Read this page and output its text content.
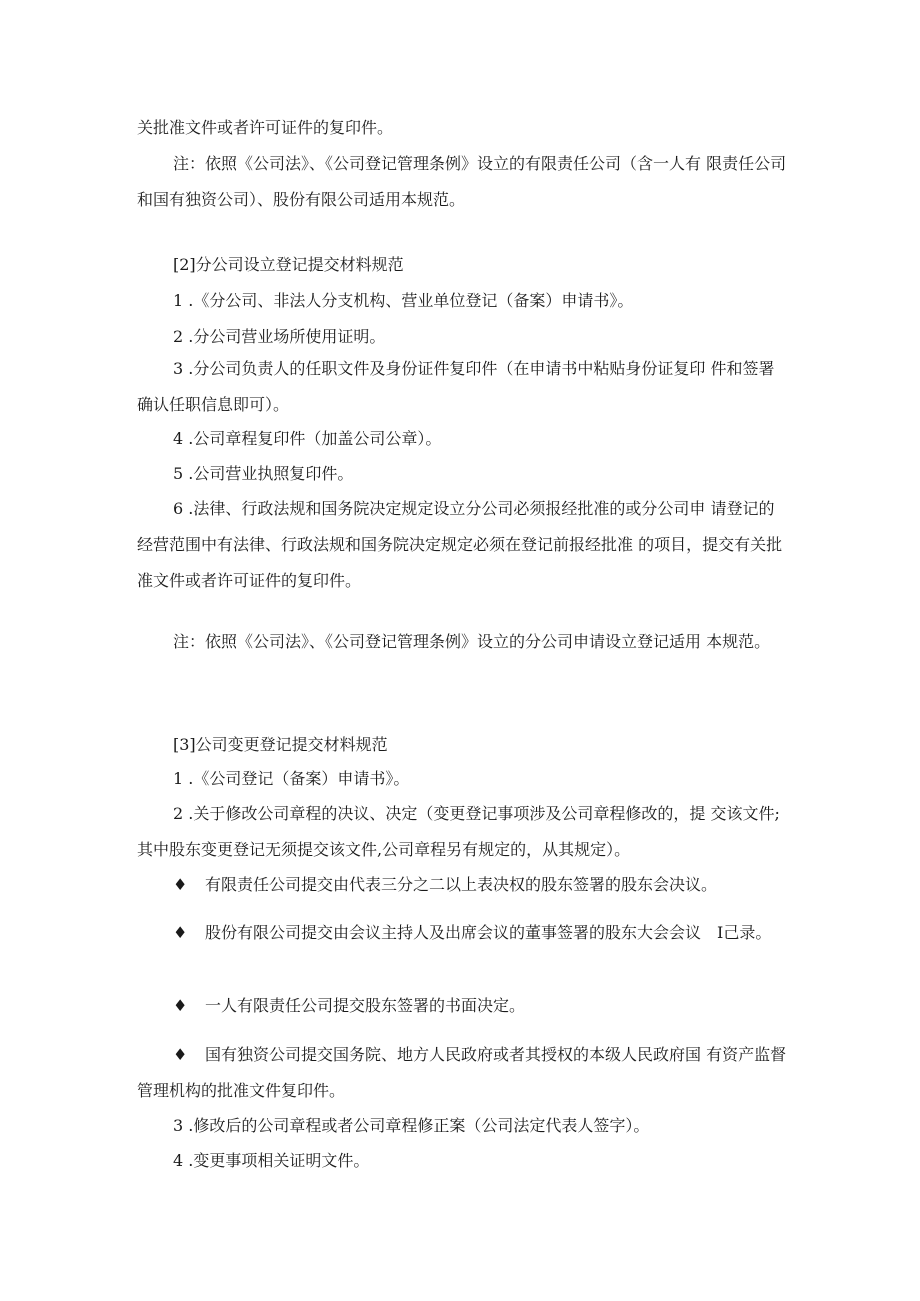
关批准文件或者许可证件的复印件。

注：依照《公司法》、《公司登记管理条例》设立的有限责任公司（含一人有 限责任公司和国有独资公司）、股份有限公司适用本规范。

[2]分公司设立登记提交材料规范

1 .《分公司、非法人分支机构、营业单位登记（备案）申请书》。

2 .分公司营业场所使用证明。

3 .分公司负责人的任职文件及身份证件复印件（在申请书中粘贴身份证复印 件和签署确认任职信息即可）。

4 .公司章程复印件（加盖公司公章）。

5 .公司营业执照复印件。

6 .法律、行政法规和国务院决定规定设立分公司必须报经批准的或分公司申 请登记的经营范围中有法律、行政法规和国务院决定规定必须在登记前报经批准 的项目，提交有关批准文件或者许可证件的复印件。

注：依照《公司法》、《公司登记管理条例》设立的分公司申请设立登记适用 本规范。

[3]公司变更登记提交材料规范

1 .《公司登记（备案）申请书》。

2 .关于修改公司章程的决议、决定（变更登记事项涉及公司章程修改的，提 交该文件;其中股东变更登记无须提交该文件,公司章程另有规定的，从其规定）。

♦ 有限责任公司提交由代表三分之二以上表决权的股东签署的股东会决议。

♦ 股份有限公司提交由会议主持人及出席会议的董事签署的股东大会会议　I己录。

♦ 一人有限责任公司提交股东签署的书面决定。

♦ 国有独资公司提交国务院、地方人民政府或者其授权的本级人民政府国 有资产监督管理机构的批准文件复印件。

3 .修改后的公司章程或者公司章程修正案（公司法定代表人签字）。

4 .变更事项相关证明文件。
